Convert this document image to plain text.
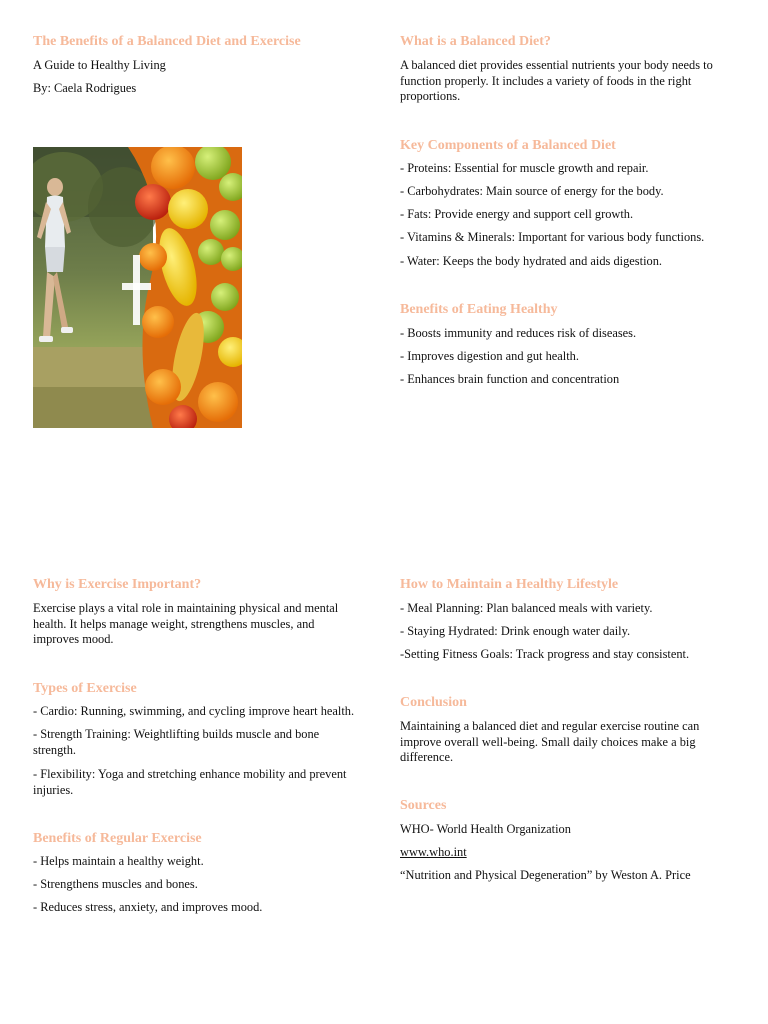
The Benefits of a Balanced Diet and Exercise

A Guide to Healthy Living

By: Caela Rodrigues

What is a Balanced Diet?

A balanced diet provides essential nutrients your body needs to function properly. It includes a variety of foods in the right proportions.

Key Components of a Balanced Diet

- Proteins: Essential for muscle growth and repair.

- Carbohydrates: Main source of energy for the body.

- Fats: Provide energy and support cell growth.

- Vitamins & Minerals: Important for various body functions.

- Water: Keeps the body hydrated and aids digestion.

Benefits of Eating Healthy

- Boosts immunity and reduces risk of diseases.

- Improves digestion and gut health.

- Enhances brain function and concentration

Why is Exercise Important?

Exercise plays a vital role in maintaining physical and mental health. It helps manage weight, strengthens muscles, and improves mood.

Types of Exercise

- Cardio: Running, swimming, and cycling improve heart health.

- Strength Training: Weightlifting builds muscle and bone strength.

- Flexibility: Yoga and stretching enhance mobility and prevent injuries.

Benefits of Regular Exercise

- Helps maintain a healthy weight.

- Strengthens muscles and bones.

- Reduces stress, anxiety, and improves mood.

How to Maintain a Healthy Lifestyle

- Meal Planning: Plan balanced meals with variety.

- Staying Hydrated: Drink enough water daily.

-Setting Fitness Goals: Track progress and stay consistent.

Conclusion

Maintaining a balanced diet and regular exercise routine can improve overall well-being. Small daily choices make a big difference.

Sources

WHO- World Health Organization

www.who.int

“Nutrition and Physical Degeneration” by Weston A. Price
